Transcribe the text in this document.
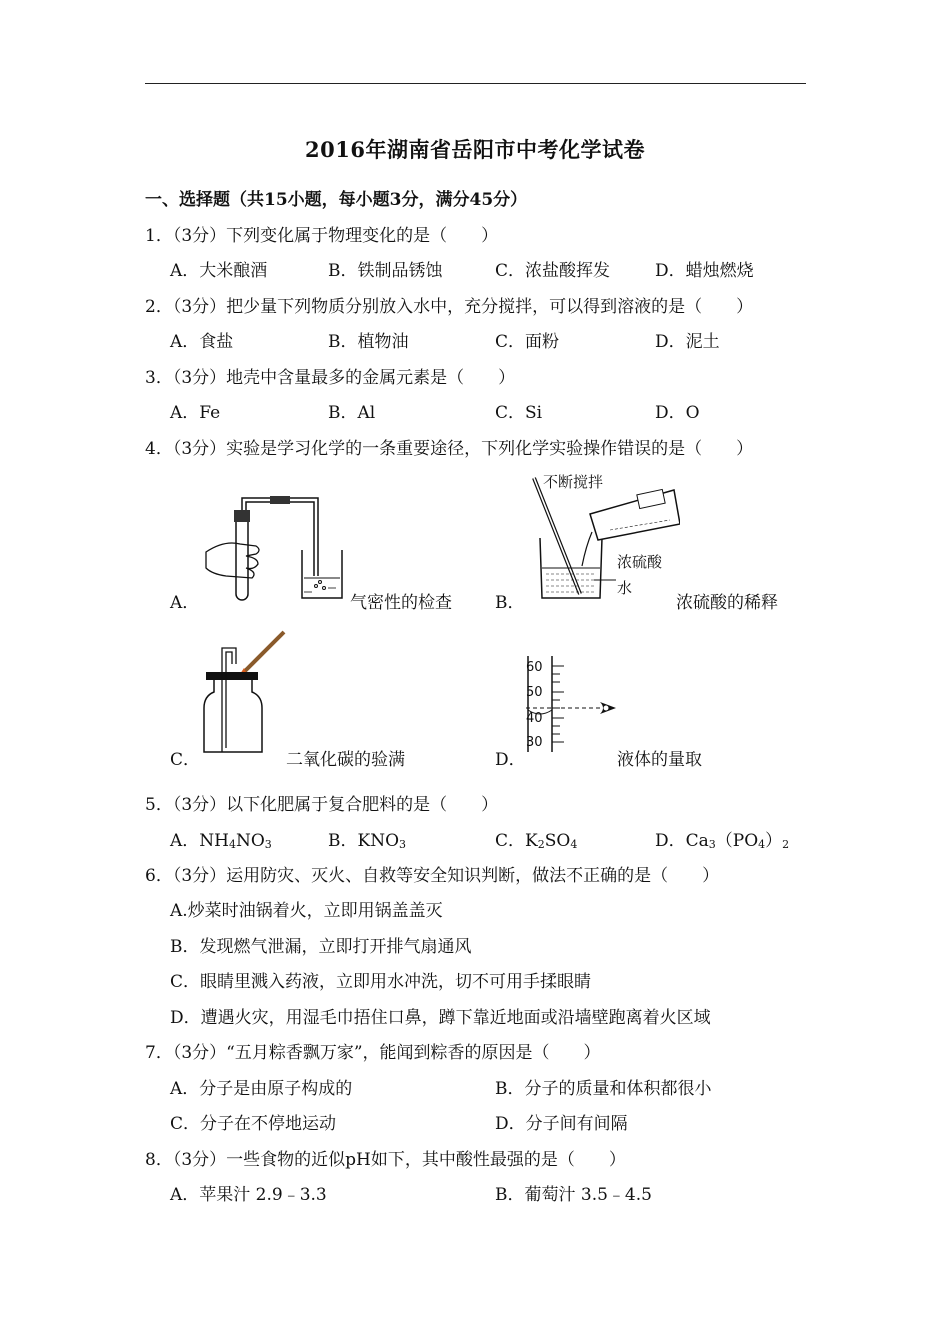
2016年湖南省岳阳市中考化学试卷
一、选择题（共15小题，每小题3分，满分45分）
1．（3分）下列变化属于物理变化的是（　　）
A．大米酿酒	B．铁制品锈蚀	C．浓盐酸挥发	D．蜡烛燃烧
2．（3分）把少量下列物质分别放入水中，充分搅拌，可以得到溶液的是（　　）
A．食盐	B．植物油	C．面粉	D．泥土
3．（3分）地壳中含量最多的金属元素是（　　）
A．Fe	B．Al	C．Si	D．O
4．（3分）实验是学习化学的一条重要途径，下列化学实验操作错误的是（　　）
A．	气密性的检查
不断搅拌
浓硫酸
水
B．	浓硫酸的稀释
C．	二氧化碳的验满
60
50
40
30
D．	液体的量取
5．（3分）以下化肥属于复合肥料的是（　　）
A．$NH_4NO_3$	B．$KNO_3$	C．$K_2SO_4$	D．$Ca_3(PO_4)_2$
6．（3分）运用防灾、灭火、自救等安全知识判断，做法不正确的是（　　）
A.炒菜时油锅着火，立即用锅盖盖灭
B．发现燃气泄漏，立即打开排气扇通风
C．眼睛里溅入药液，立即用水冲洗，切不可用手揉眼睛
D．遭遇火灾，用湿毛巾捂住口鼻，蹲下靠近地面或沿墙壁跑离着火区域
7．（3分）“五月粽香飘万家”，能闻到粽香的原因是（　　）
A．分子是由原子构成的	B．分子的质量和体积都很小
C．分子在不停地运动	D．分子间有间隔
8．（3分）一些食物的近似pH如下，其中酸性最强的是（　　）
A．苹果汁 2.9﹣3.3	B．葡萄汁 3.5﹣4.5
